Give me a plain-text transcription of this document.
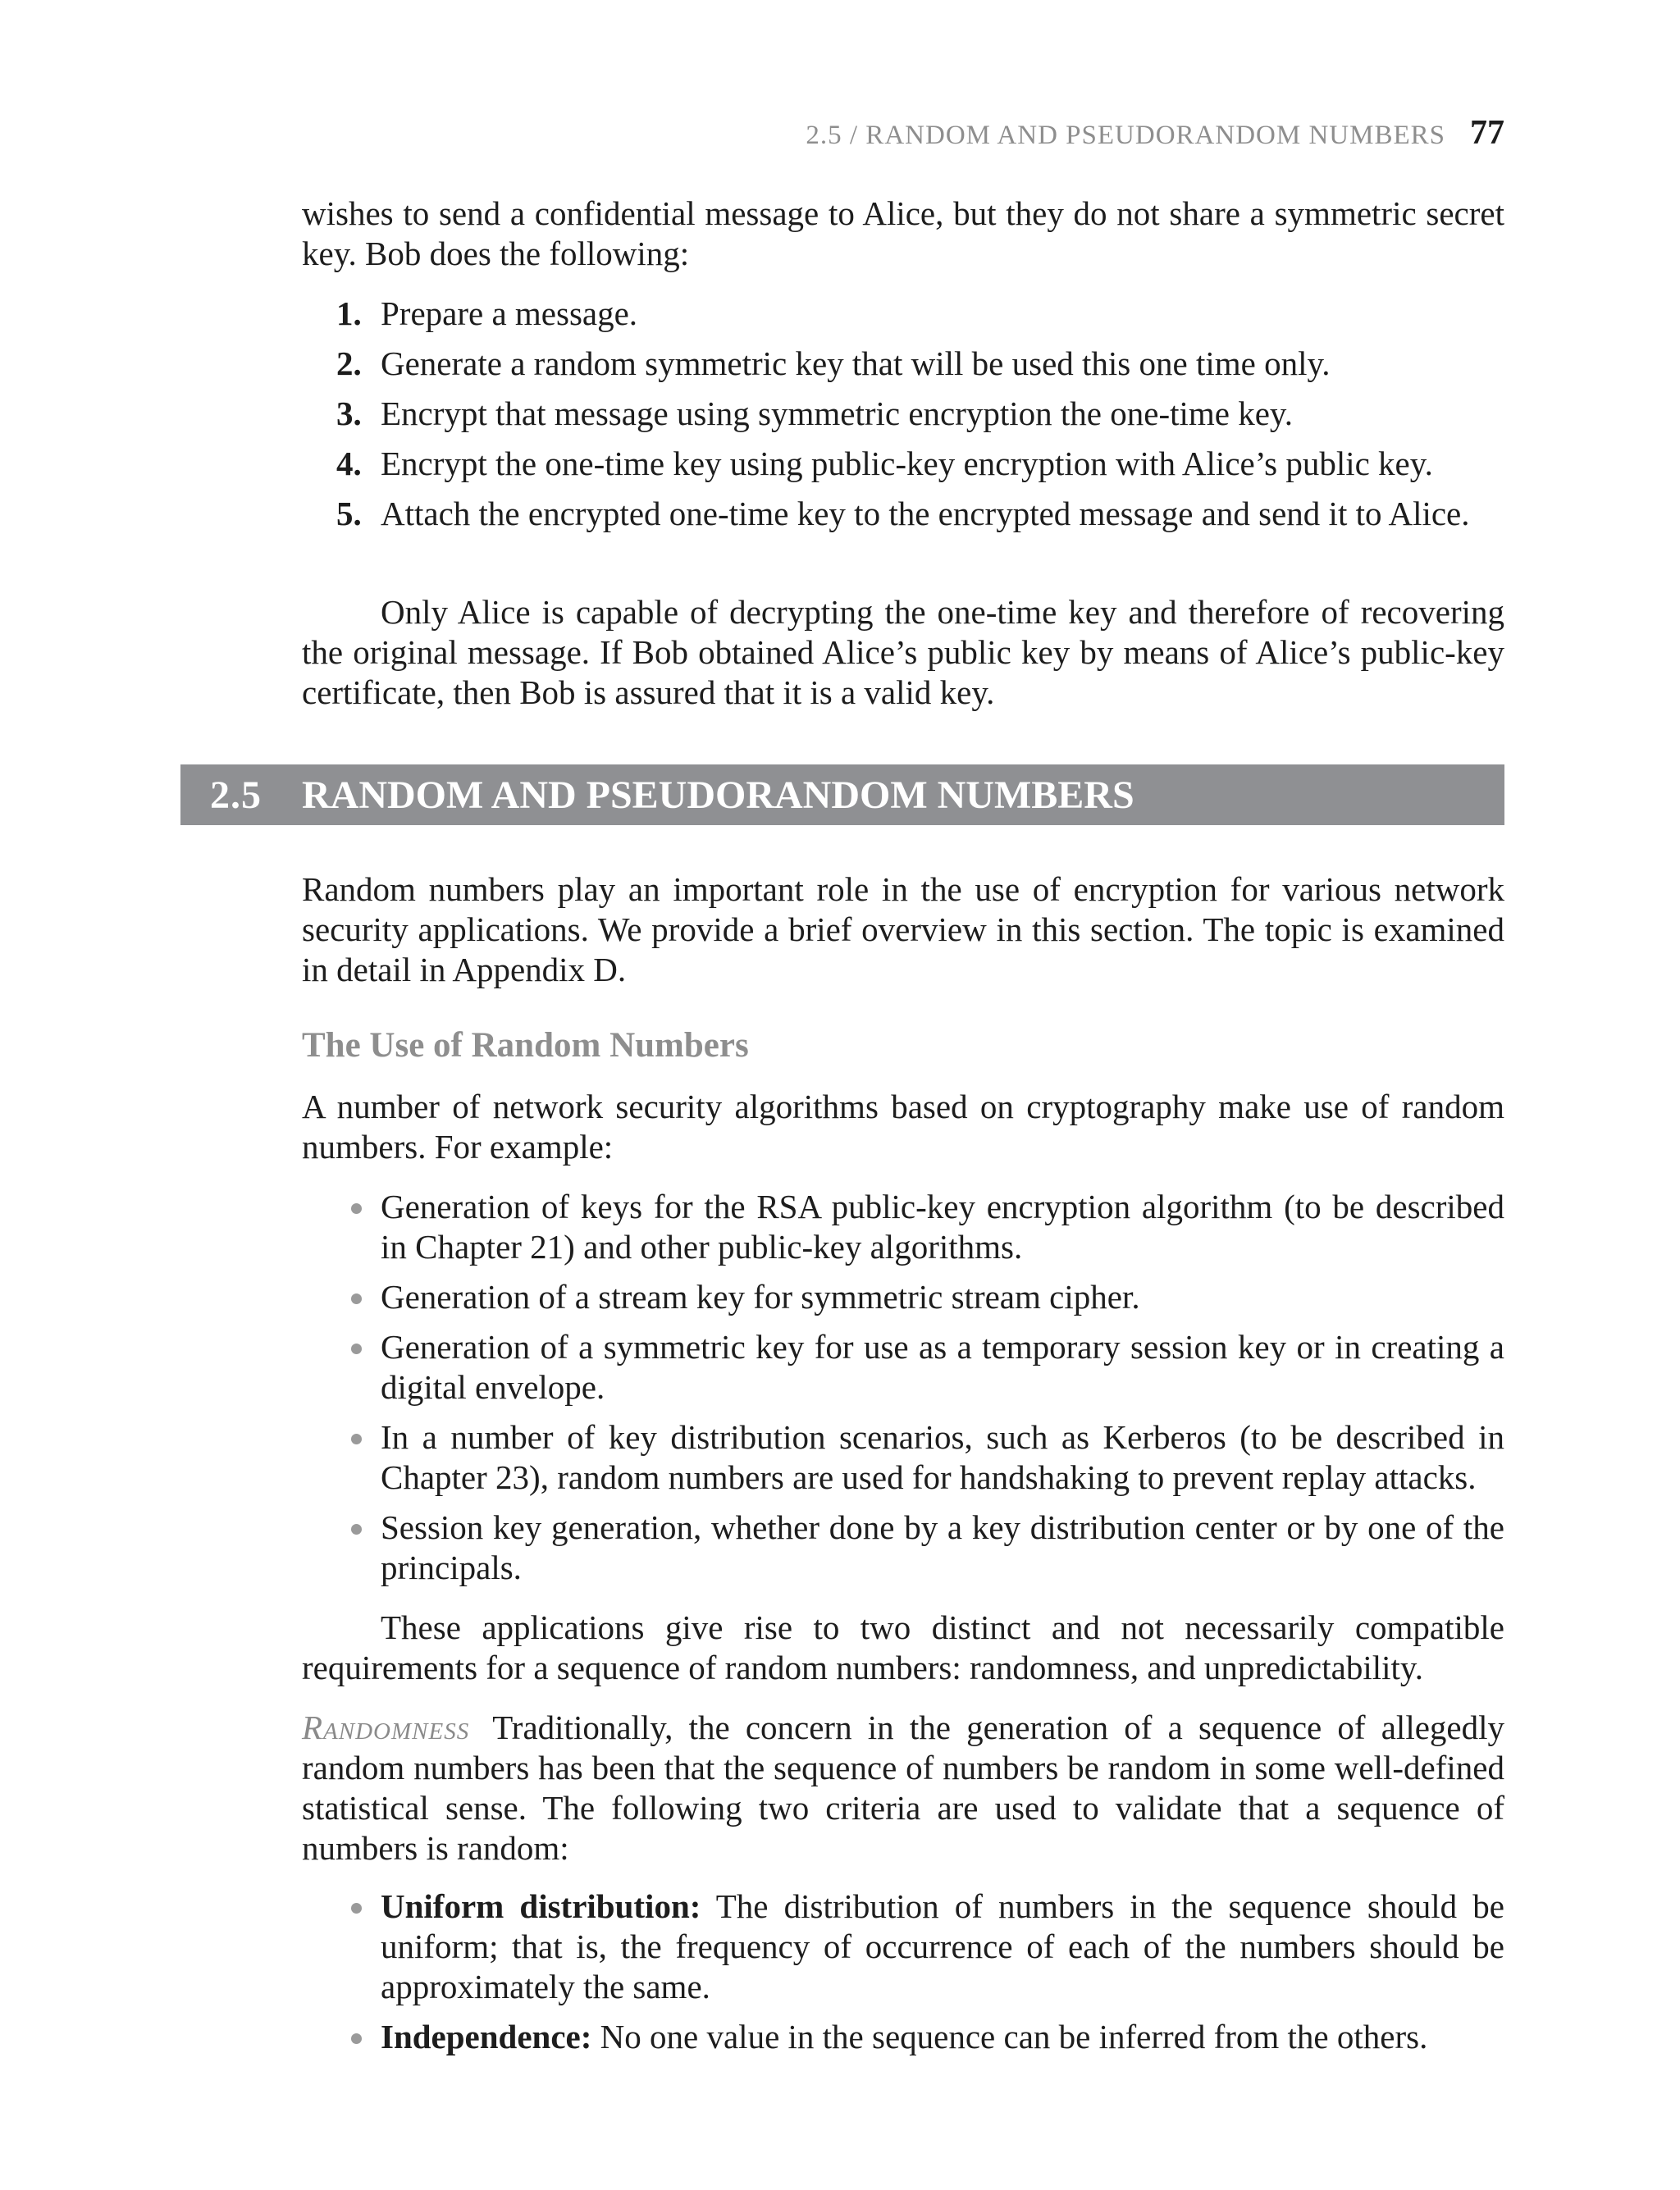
2.5 / RANDOM AND PSEUDORANDOM NUMBERS 77

wishes to send a confidential message to Alice, but they do not share a symmetric secret key. Bob does the following:

1. Prepare a message.
2. Generate a random symmetric key that will be used this one time only.
3. Encrypt that message using symmetric encryption the one-time key.
4. Encrypt the one-time key using public-key encryption with Alice’s public key.
5. Attach the encrypted one-time key to the encrypted message and send it to Alice.

Only Alice is capable of decrypting the one-time key and therefore of recovering the original message. If Bob obtained Alice’s public key by means of Alice’s public-key certificate, then Bob is assured that it is a valid key.

2.5 RANDOM AND PSEUDORANDOM NUMBERS

Random numbers play an important role in the use of encryption for various network security applications. We provide a brief overview in this section. The topic is examined in detail in Appendix D.

The Use of Random Numbers

A number of network security algorithms based on cryptography make use of random numbers. For example:

Generation of keys for the RSA public-key encryption algorithm (to be described in Chapter 21) and other public-key algorithms.
Generation of a stream key for symmetric stream cipher.
Generation of a symmetric key for use as a temporary session key or in creating a digital envelope.
In a number of key distribution scenarios, such as Kerberos (to be described in Chapter 23), random numbers are used for handshaking to prevent replay attacks.
Session key generation, whether done by a key distribution center or by one of the principals.

These applications give rise to two distinct and not necessarily compatible requirements for a sequence of random numbers: randomness, and unpredictability.

Randomness Traditionally, the concern in the generation of a sequence of allegedly random numbers has been that the sequence of numbers be random in some well-defined statistical sense. The following two criteria are used to validate that a sequence of numbers is random:

Uniform distribution: The distribution of numbers in the sequence should be uniform; that is, the frequency of occurrence of each of the numbers should be approximately the same.
Independence: No one value in the sequence can be inferred from the others.
